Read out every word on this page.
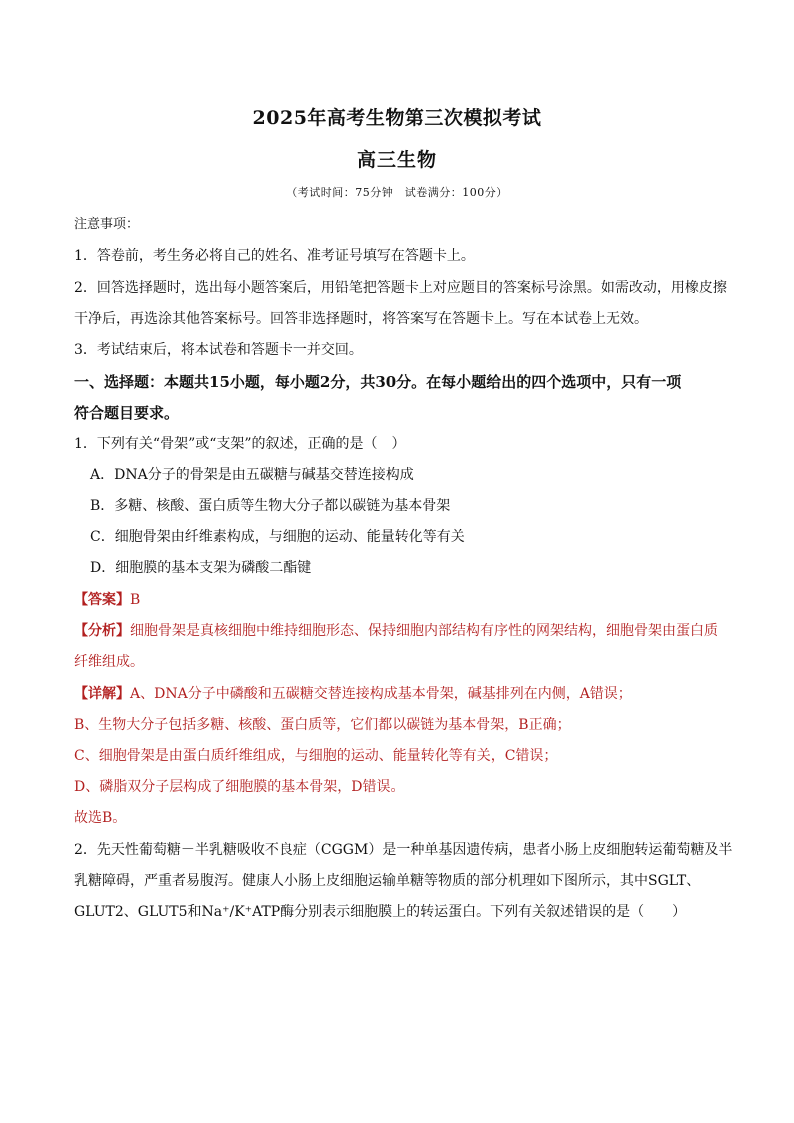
2025年高考生物第三次模拟考试
高三生物
（考试时间：75分钟　试卷满分：100分）
注意事项：
1．答卷前，考生务必将自己的姓名、准考证号填写在答题卡上。
2．回答选择题时，选出每小题答案后，用铅笔把答题卡上对应题目的答案标号涂黑。如需改动，用橡皮擦
干净后，再选涂其他答案标号。回答非选择题时，将答案写在答题卡上。写在本试卷上无效。
3．考试结束后，将本试卷和答题卡一并交回。
一、选择题：本题共15小题，每小题2分，共30分。在每小题给出的四个选项中，只有一项
符合题目要求。
1．下列有关“骨架”或“支架”的叙述，正确的是（　）
A．DNA分子的骨架是由五碳糖与碱基交替连接构成
B．多糖、核酸、蛋白质等生物大分子都以碳链为基本骨架
C．细胞骨架由纤维素构成，与细胞的运动、能量转化等有关
D．细胞膜的基本支架为磷酸二酯键
【答案】B
【分析】细胞骨架是真核细胞中维持细胞形态、保持细胞内部结构有序性的网架结构，细胞骨架由蛋白质
纤维组成。
【详解】A、DNA分子中磷酸和五碳糖交替连接构成基本骨架，碱基排列在内侧，A错误；
B、生物大分子包括多糖、核酸、蛋白质等，它们都以碳链为基本骨架，B正确；
C、细胞骨架是由蛋白质纤维组成，与细胞的运动、能量转化等有关，C错误；
D、磷脂双分子层构成了细胞膜的基本骨架，D错误。
故选B。
2．先天性葡萄糖－半乳糖吸收不良症（CGGM）是一种单基因遗传病，患者小肠上皮细胞转运葡萄糖及半
乳糖障碍，严重者易腹泻。健康人小肠上皮细胞运输单糖等物质的部分机理如下图所示，其中SGLT、
GLUT2、GLUT5和Na⁺/K⁺ATP酶分别表示细胞膜上的转运蛋白。下列有关叙述错误的是（　　）
